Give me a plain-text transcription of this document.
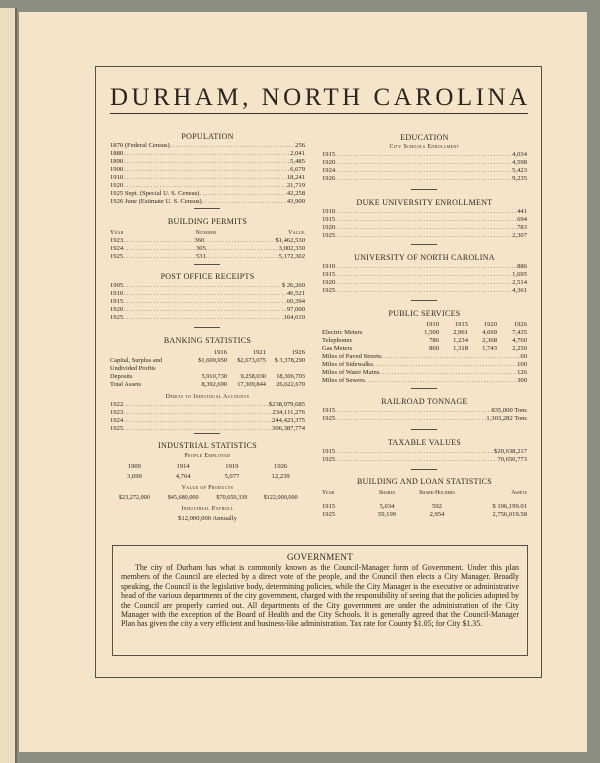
DURHAM, NORTH CAROLINA
POPULATION
1870 (Federal Census) .....	256
1880 .....	2,041
1890 .....	5,485
1900 .....	6,679
1910 .....	18,241
1920 .....	21,719
1925 Sept. (Special U. S. Census) .....	42,258
1926 June (Estimate U. S. Census) .....	43,900
BUILDING PERMITS
Year	Number	Value
1923 .....	360 .....	$1,462,530
1924 .....	305 .....	3,002,330
1925 .....	531 .....	5,172,302
POST OFFICE RECEIPTS
1905 .....	$ 26,260
1910 .....	46,521
1915 .....	60,394
1920 .....	97,000
1925 .....	164,610
BANKING STATISTICS
1916	1921	1926
Capital, Surplus and Undivided Profits
$1,600,950	$2,673,075	$ 3,378,290
Deposits	5,910,730	9,258,030	18,306,703
Total Assets	8,392,690	17,309,844	26,622,670
Debits to Individual Accounts
1922 .....	$238,979,685
1923 .....	234,111,276
1924 .....	244,423,375
1925 .....	306,387,774
INDUSTRIAL STATISTICS
People Employed
1909	1914	1919	1926
3,699	4,764	5,077	12,239
Value of Products
$23,272,000	$45,680,000	$70,659,339	$122,000,000
Industrial Payroll
$12,000,000 Annually
EDUCATION
City Schools Enrollment
1915 .....	4,034
1920 .....	4,598
1924 .....	5,423
1926 .....	9,235
DUKE UNIVERSITY ENROLLMENT
1910 .....	441
1915 .....	694
1920 .....	783
1925 .....	2,307
UNIVERSITY OF NORTH CAROLINA
1910 .....	886
1915 .....	1,695
1920 .....	2,514
1925 .....	4,361
PUBLIC SERVICES
1910	1915	1920	1926
Electric Meters	1,500	2,961	4,669	7,435
Telephones	786	1,234	2,368	4,760
Gas Meters	860	1,318	1,743	2,250
Miles of Paved Streets .....	60
Miles of Sidewalks .....	100
Miles of Water Mains .....	126
Miles of Sewers .....	300
RAILROAD TONNAGE
1915 .....	835,000 Tons
1925 .....	1,303,282 Tons
TAXABLE VALUES
1915 .....	$20,638,217
1925 .....	70,650,773
BUILDING AND LOAN STATISTICS
Year	Shares	Share-Holders	Assets
1915	5,034	592	$ 196,199.01
1925	59,199	2,954	2,756,019.58
GOVERNMENT

The city of Durham has what is commonly known as the Council-Manager form of Government. Under this plan members of the Council are elected by a direct vote of the people, and the Council then elects a City Manager. Broadly speaking, the Council is the legislative body, determining policies, while the City Manager is the executive or administrative head of the various departments of the city government, charged with the responsibility of seeing that the policies adopted by the Council are properly carried out. All departments of the City government are under the administration of the City Manager with the exception of the Board of Health and the City Schools. It is generally agreed that the Council-Manager Plan has given the city a very efficient and business-like administration. Tax rate for County $1.05; for City $1.35.
